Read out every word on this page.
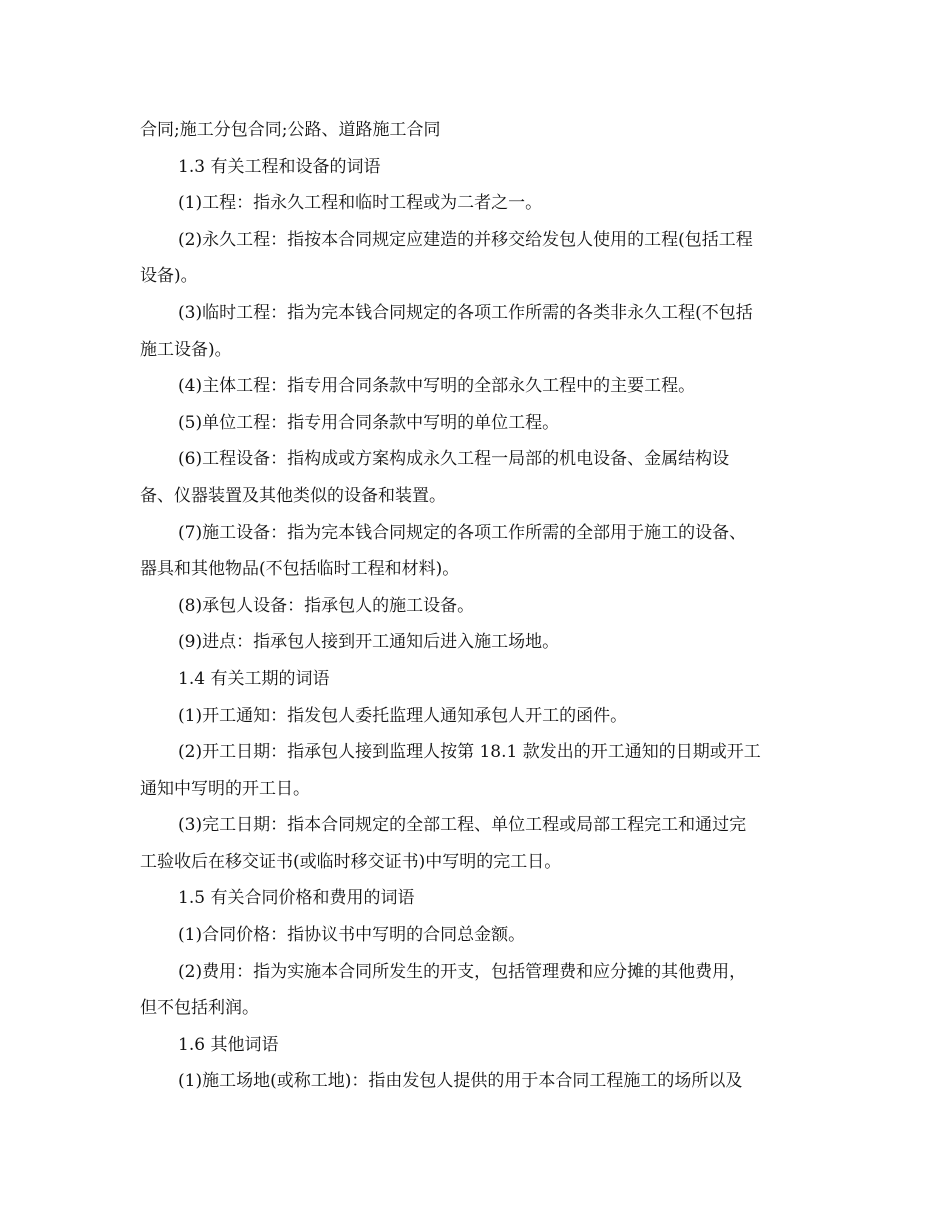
合同;施工分包合同;公路、道路施工合同

1.3 有关工程和设备的词语

(1)工程：指永久工程和临时工程或为二者之一。

(2)永久工程：指按本合同规定应建造的并移交给发包人使用的工程(包括工程

设备)。

(3)临时工程：指为完本钱合同规定的各项工作所需的各类非永久工程(不包括

施工设备)。

(4)主体工程：指专用合同条款中写明的全部永久工程中的主要工程。

(5)单位工程：指专用合同条款中写明的单位工程。

(6)工程设备：指构成或方案构成永久工程一局部的机电设备、金属结构设

备、仪器装置及其他类似的设备和装置。

(7)施工设备：指为完本钱合同规定的各项工作所需的全部用于施工的设备、

器具和其他物品(不包括临时工程和材料)。

(8)承包人设备：指承包人的施工设备。

(9)进点：指承包人接到开工通知后进入施工场地。

1.4 有关工期的词语

(1)开工通知：指发包人委托监理人通知承包人开工的函件。

(2)开工日期：指承包人接到监理人按第 18.1 款发出的开工通知的日期或开工

通知中写明的开工日。

(3)完工日期：指本合同规定的全部工程、单位工程或局部工程完工和通过完

工验收后在移交证书(或临时移交证书)中写明的完工日。

1.5 有关合同价格和费用的词语

(1)合同价格：指协议书中写明的合同总金额。

(2)费用：指为实施本合同所发生的开支，包括管理费和应分摊的其他费用，

但不包括利润。

1.6 其他词语

(1)施工场地(或称工地)：指由发包人提供的用于本合同工程施工的场所以及
